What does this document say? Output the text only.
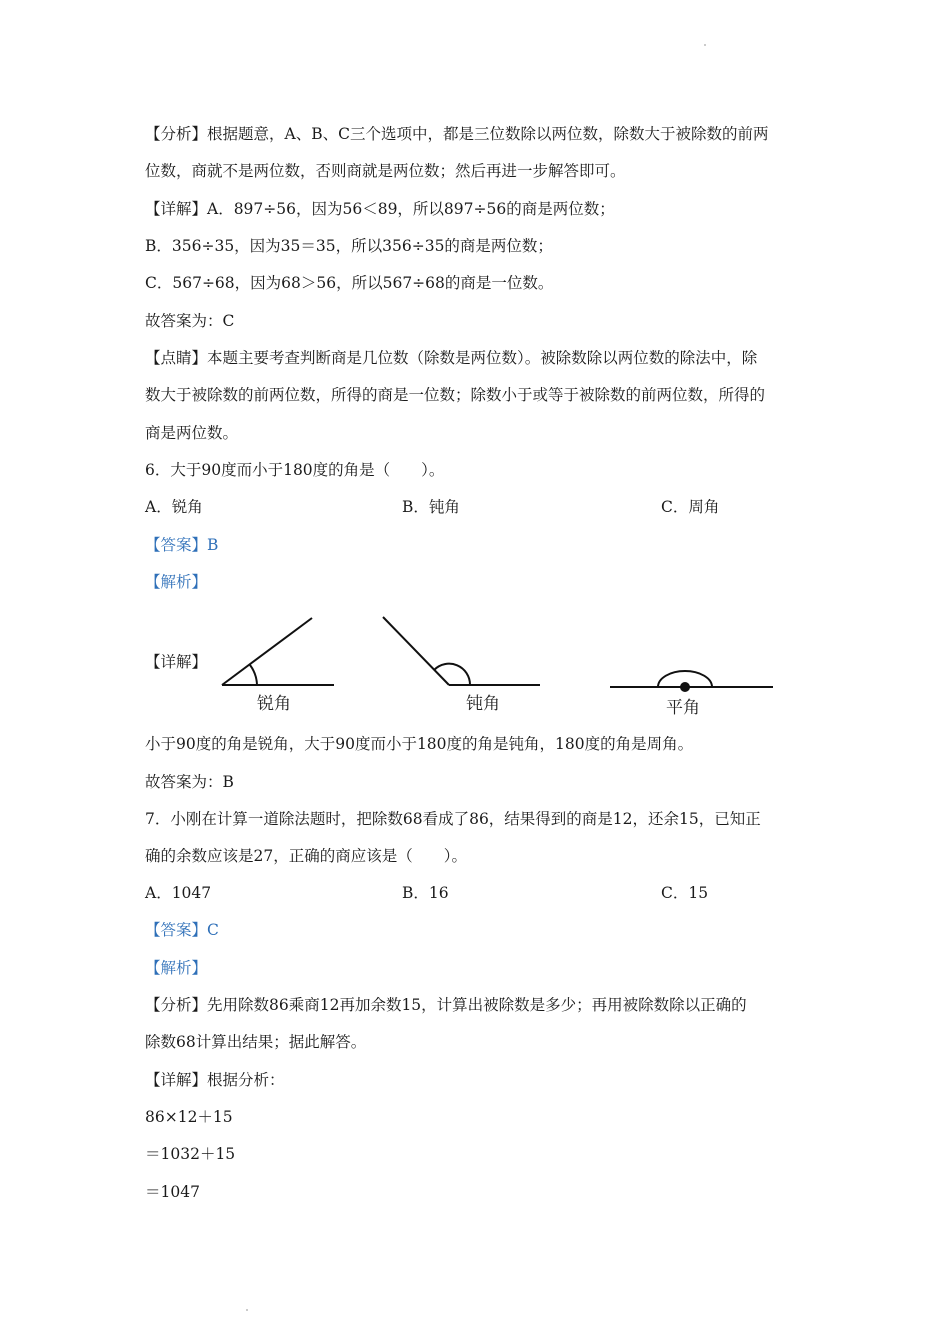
【分析】根据题意，A、B、C三个选项中，都是三位数除以两位数，除数大于被除数的前两
位数，商就不是两位数，否则商就是两位数；然后再进一步解答即可。
【详解】A．897÷56，因为56＜89，所以897÷56的商是两位数；
B．356÷35，因为35＝35，所以356÷35的商是两位数；
C．567÷68，因为68＞56，所以567÷68的商是一位数。
故答案为：C
【点睛】本题主要考查判断商是几位数（除数是两位数）。被除数除以两位数的除法中，除
数大于被除数的前两位数，所得的商是一位数；除数小于或等于被除数的前两位数，所得的
商是两位数。
6．大于90度而小于180度的角是（　　）。
A．锐角	B．钝角	C．周角
【答案】B
【解析】
【详解】
锐角	钝角	平角
小于90度的角是锐角，大于90度而小于180度的角是钝角，180度的角是周角。
故答案为：B
7．小刚在计算一道除法题时，把除数68看成了86，结果得到的商是12，还余15，已知正
确的余数应该是27，正确的商应该是（　　）。
A．1047	B．16	C．15
【答案】C
【解析】
【分析】先用除数86乘商12再加余数15，计算出被除数是多少；再用被除数除以正确的
除数68计算出结果；据此解答。
【详解】根据分析：
86×12＋15
＝1032＋15
＝1047
